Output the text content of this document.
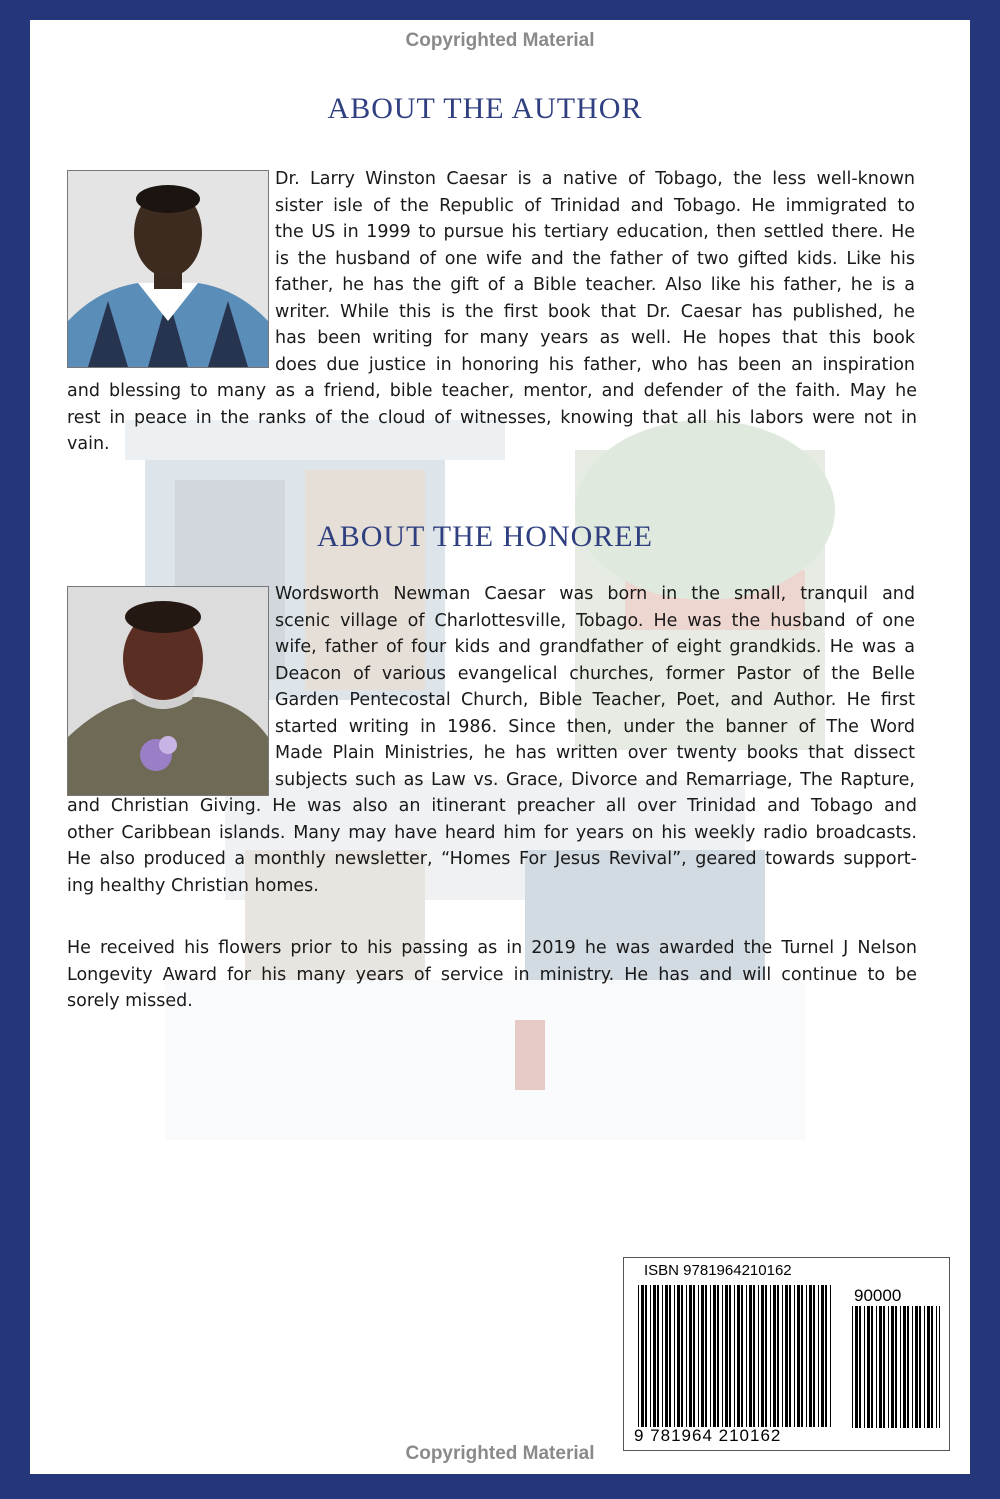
Copyrighted Material
ABOUT THE AUTHOR
Dr. Larry Winston Caesar is a native of Tobago, the less well-known
sister isle of the Republic of Trinidad and Tobago. He immigrated to
the US in 1999 to pursue his tertiary education, then settled there. He
is the husband of one wife and the father of two gifted kids. Like his
father, he has the gift of a Bible teacher. Also like his father, he is a
writer. While this is the first book that Dr. Caesar has published, he
has been writing for many years as well. He hopes that this book
does due justice in honoring his father, who has been an inspiration
and blessing to many as a friend, bible teacher, mentor, and defender of the faith. May he
rest in peace in the ranks of the cloud of witnesses, knowing that all his labors were not in
vain.
ABOUT THE HONOREE
Wordsworth Newman Caesar was born in the small, tranquil and
scenic village of Charlottesville, Tobago. He was the husband of one
wife, father of four kids and grandfather of eight grandkids. He was a
Deacon of various evangelical churches, former Pastor of the Belle
Garden Pentecostal Church, Bible Teacher, Poet, and Author. He first
started writing in 1986. Since then, under the banner of The Word
Made Plain Ministries, he has written over twenty books that dissect
subjects such as Law vs. Grace, Divorce and Remarriage, The Rapture,
and Christian Giving. He was also an itinerant preacher all over Trinidad and Tobago and
other Caribbean islands. Many may have heard him for years on his weekly radio broadcasts.
He also produced a monthly newsletter, “Homes For Jesus Revival”, geared towards support-
ing healthy Christian homes.
He received his flowers prior to his passing as in 2019 he was awarded the Turnel J Nelson
Longevity Award for his many years of service in ministry. He has and will continue to be
sorely missed.
ISBN 9781964210162
90000
9 781964 210162
Copyrighted Material
